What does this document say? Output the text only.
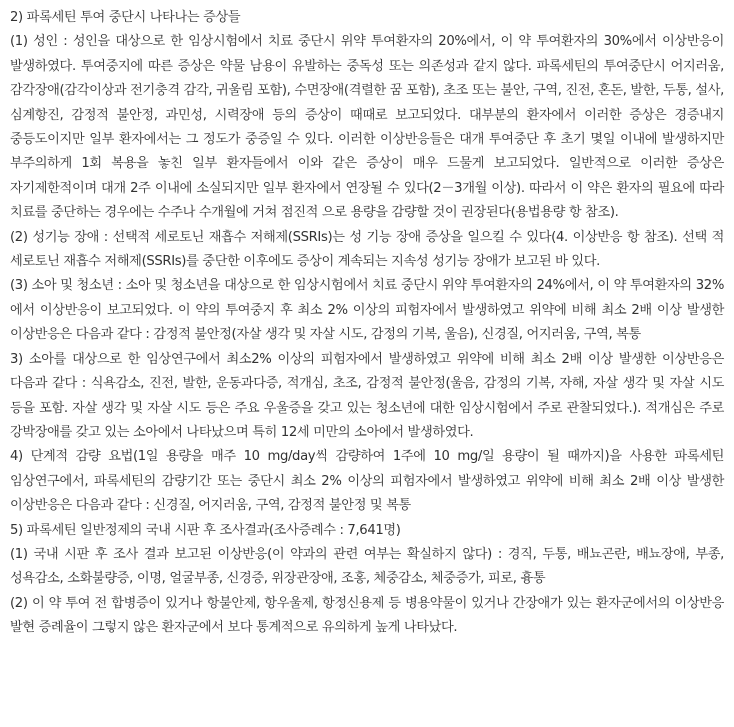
2) 파록세틴 투여 중단시 나타나는 증상들

(1) 성인 : 성인을 대상으로 한 임상시험에서 치료 중단시 위약 투여환자의 20%에서, 이 약 투여환자의 30%에서 이상반응이 발생하였다. 투여중지에 따른 증상은 약물 남용이 유발하는 중독성 또는 의존성과 같지 않다. 파록세틴의 투여중단시 어지러움, 감각장애(감각이상과 전기충격 감각, 귀울림 포함), 수면장애(격렬한 꿈 포함), 초조 또는 불안, 구역, 진전, 혼돈, 발한, 두통, 설사, 심계항진, 감정적 불안정, 과민성, 시력장애 등의 증상이 때때로 보고되었다. 대부분의 환자에서 이러한 증상은 경증내지 중등도이지만 일부 환자에서는 그 정도가 중증일 수 있다. 이러한 이상반응들은 대개 투여중단 후 초기 몇일 이내에 발생하지만 부주의하게 1회 복용을 놓친 일부 환자들에서 이와 같은 증상이 매우 드물게 보고되었다. 일반적으로 이러한 증상은 자기제한적이며 대개 2주 이내에 소실되지만 일부 환자에서 연장될 수 있다(2－3개월 이상). 따라서 이 약은 환자의 필요에 따라 치료를 중단하는 경우에는 수주나 수개월에 거쳐 점진적 으로 용량을 감량할 것이 권장된다(용법용량 항 참조).

(2) 성기능 장애 : 선택적 세로토닌 재흡수 저해제(SSRIs)는 성 기능 장애 증상을 일으킬 수 있다(4. 이상반응 항 참조). 선택 적 세로토닌 재흡수 저해제(SSRIs)를 중단한 이후에도 증상이 계속되는 지속성 성기능 장애가 보고된 바 있다.

(3) 소아 및 청소년 : 소아 및 청소년을 대상으로 한 임상시험에서 치료 중단시 위약 투여환자의 24%에서, 이 약 투여환자의 32%에서 이상반응이 보고되었다. 이 약의 투여중지 후 최소 2% 이상의 피험자에서 발생하였고 위약에 비해 최소 2배 이상 발생한 이상반응은 다음과 같다 : 감정적 불안정(자살 생각 및 자살 시도, 감정의 기복, 울음), 신경질, 어지러움, 구역, 복통

3) 소아를 대상으로 한 임상연구에서 최소2% 이상의 피험자에서 발생하였고 위약에 비해 최소 2배 이상 발생한 이상반응은 다음과 같다 : 식욕감소, 진전, 발한, 운동과다증, 적개심, 초조, 감정적 불안정(울음, 감정의 기복, 자해, 자살 생각 및 자살 시도 등을 포함. 자살 생각 및 자살 시도 등은 주요 우울증을 갖고 있는 청소년에 대한 임상시험에서 주로 관찰되었다.). 적개심은 주로 강박장애를 갖고 있는 소아에서 나타났으며 특히 12세 미만의 소아에서 발생하였다.

4) 단계적 감량 요법(1일 용량을 매주 10 mg/day씩 감량하여 1주에 10 mg/일 용량이 될 때까지)을 사용한 파록세틴 임상연구에서, 파록세틴의 감량기간 또는 중단시 최소 2% 이상의 피험자에서 발생하였고 위약에 비해 최소 2배 이상 발생한 이상반응은 다음과 같다 : 신경질, 어지러움, 구역, 감정적 불안정 및 복통

5) 파록세틴 일반정제의 국내 시판 후 조사결과(조사증례수 : 7,641명)

(1) 국내 시판 후 조사 결과 보고된 이상반응(이 약과의 관련 여부는 확실하지 않다) : 경직, 두통, 배뇨곤란, 배뇨장애, 부종, 성욕감소, 소화불량증, 이명, 얼굴부종, 신경증, 위장관장애, 조홍, 체중감소, 체중증가, 피로, 흉통

(2) 이 약 투여 전 합병증이 있거나 항불안제, 항우울제, 항정신용제 등 병용약물이 있거나 간장애가 있는 환자군에서의 이상반응 발현 증례율이 그렇지 않은 환자군에서 보다 통계적으로 유의하게 높게 나타났다.
